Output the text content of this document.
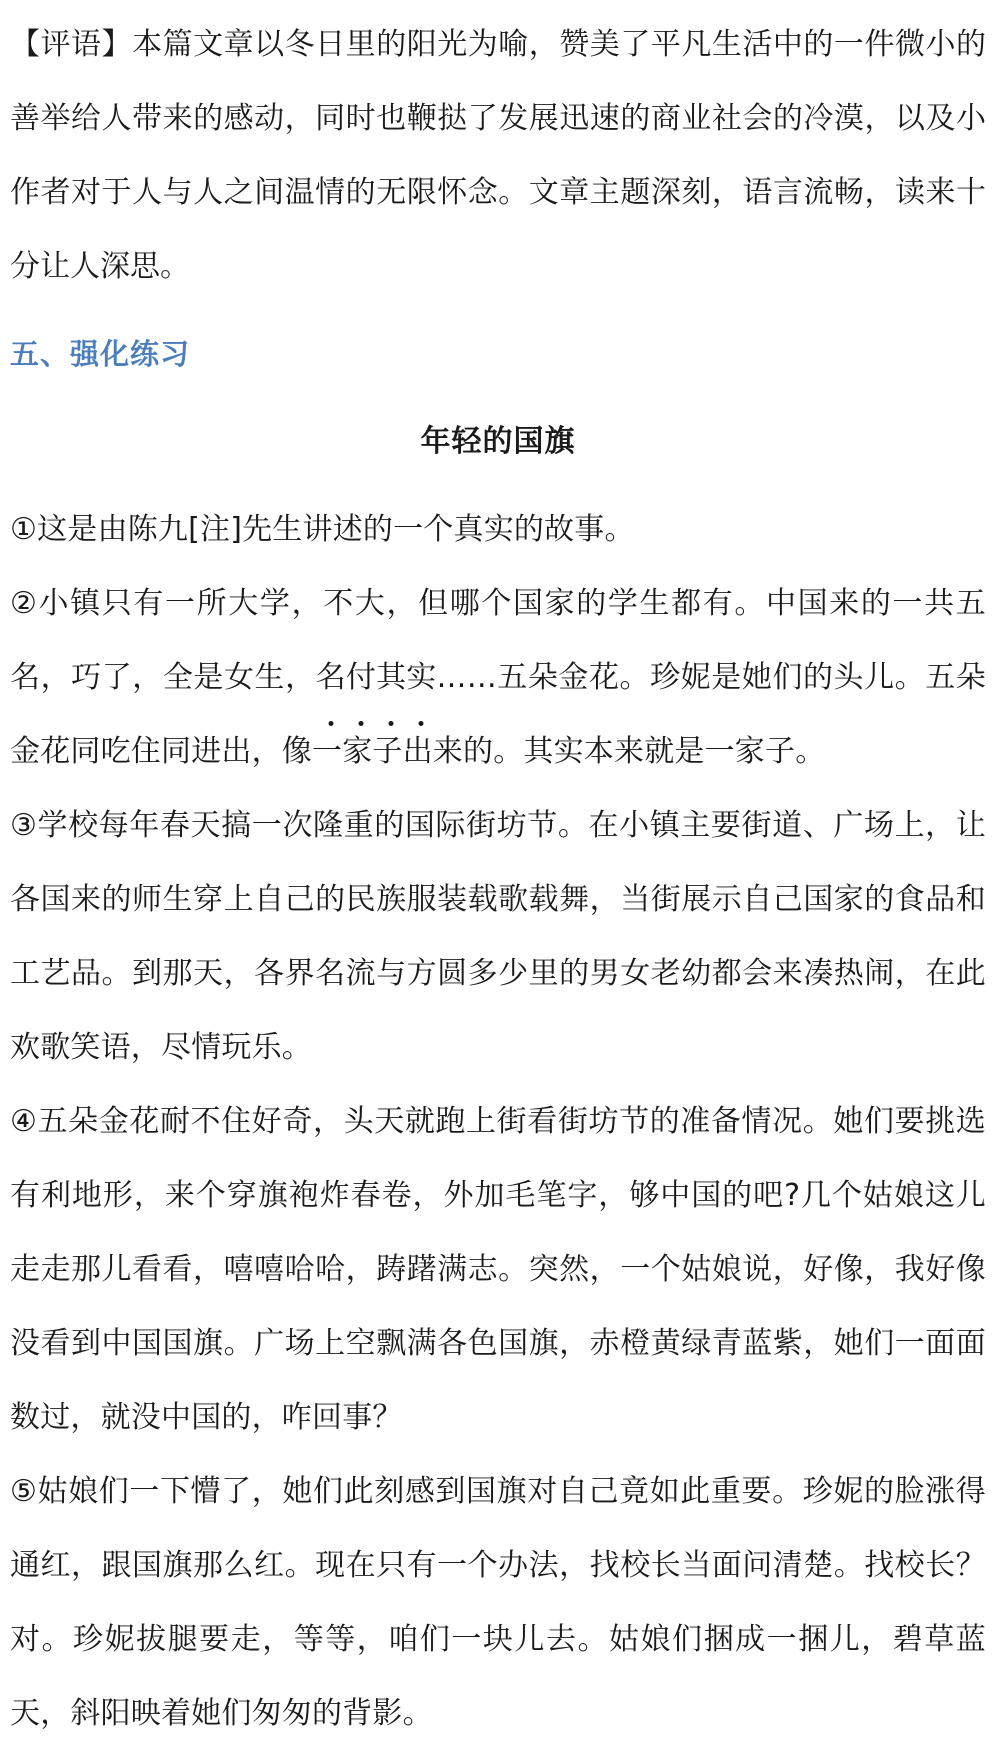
【评语】本篇文章以冬日里的阳光为喻，赞美了平凡生活中的一件微小的善举给人带来的感动，同时也鞭挞了发展迅速的商业社会的冷漠，以及小作者对于人与人之间温情的无限怀念。文章主题深刻，语言流畅，读来十分让人深思。

五、强化练习
年轻的国旗

①这是由陈九[注]先生讲述的一个真实的故事。

②小镇只有一所大学，不大，但哪个国家的学生都有。中国来的一共五名，巧了，全是女生，名付其实……五朵金花。珍妮是她们的头儿。五朵金花同吃住同进出，像一家子出来的。其实本来就是一家子。

③学校每年春天搞一次隆重的国际街坊节。在小镇主要街道、广场上，让各国来的师生穿上自己的民族服装载歌载舞，当街展示自己国家的食品和工艺品。到那天，各界名流与方圆多少里的男女老幼都会来凑热闹，在此欢歌笑语，尽情玩乐。

④五朵金花耐不住好奇，头天就跑上街看街坊节的准备情况。她们要挑选有利地形，来个穿旗袍炸春卷，外加毛笔字，够中国的吧?几个姑娘这儿走走那儿看看，嘻嘻哈哈，踌躇满志。突然，一个姑娘说，好像，我好像没看到中国国旗。广场上空飘满各色国旗，赤橙黄绿青蓝紫，她们一面面数过，就没中国的，咋回事？

⑤姑娘们一下懵了，她们此刻感到国旗对自己竟如此重要。珍妮的脸涨得通红，跟国旗那么红。现在只有一个办法，找校长当面问清楚。找校长？对。珍妮拔腿要走，等等，咱们一块儿去。姑娘们捆成一捆儿，碧草蓝天，斜阳映着她们匆匆的背影。
